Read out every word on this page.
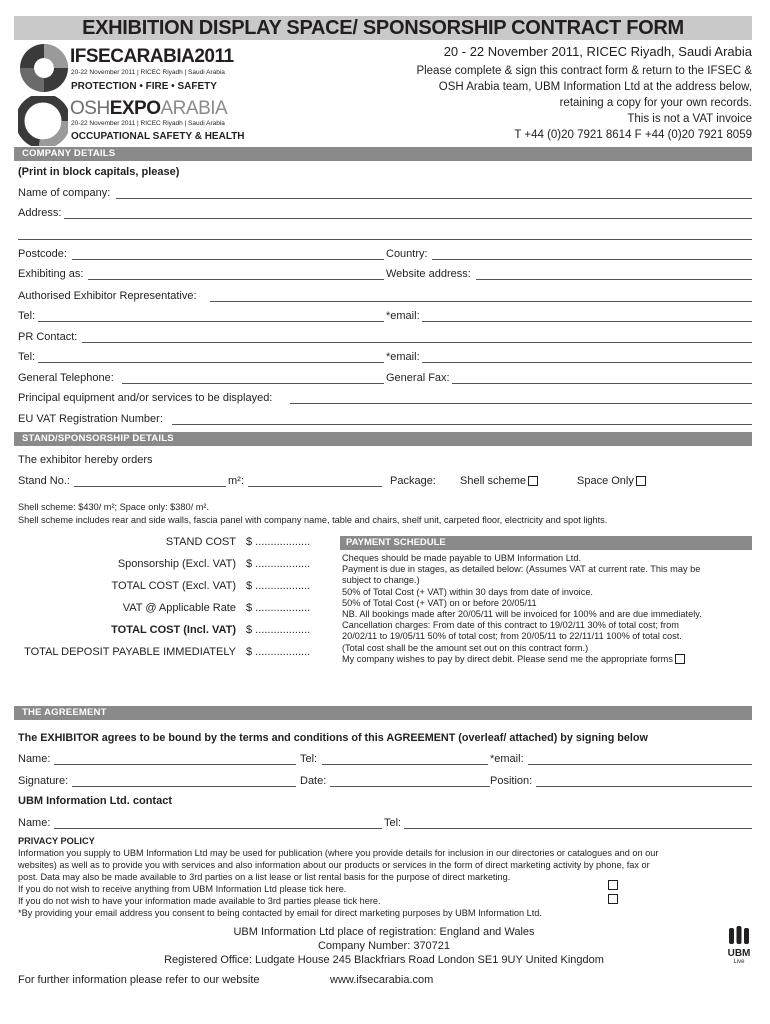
EXHIBITION DISPLAY SPACE/ SPONSORSHIP CONTRACT FORM
IFSECARABIA2011
20-22 November 2011 | RICEC Riyadh | Saudi Arabia
PROTECTION • FIRE • SAFETY
OSHEXPOARABIA
20-22 November 2011 | RICEC Riyadh | Saudi Arabia
OCCUPATIONAL SAFETY & HEALTH
20 - 22 November 2011, RICEC Riyadh, Saudi Arabia
Please complete & sign this contract form & return to the IFSEC &
OSH Arabia team, UBM Information Ltd at the address below,
retaining a copy for your own records.
This is not a VAT invoice
T +44 (0)20 7921 8614 F +44 (0)20 7921 8059
COMPANY DETAILS
(Print in block capitals, please)
Name of company:
Address:
Postcode:	Country:
Exhibiting as:	Website address:
Authorised Exhibitor Representative:
Tel:	*email:
PR Contact:
Tel:	*email:
General Telephone:	General Fax:
Principal equipment and/or services to be displayed:
EU VAT Registration Number:
STAND/SPONSORSHIP DETAILS
The exhibitor hereby orders
Stand No.:	m²:	Package: Shell scheme	Space Only
Shell scheme: $430/ m²; Space only: $380/ m².
Shell scheme includes rear and side walls, fascia panel with company name, table and chairs, shelf unit, carpeted floor, electricity and spot lights.
STAND COST $ ..................
Sponsorship (Excl. VAT) $ ..................
TOTAL COST (Excl. VAT) $ ..................
VAT @ Applicable Rate $ ..................
TOTAL COST (Incl. VAT) $ ..................
TOTAL DEPOSIT PAYABLE IMMEDIATELY $ ..................
PAYMENT SCHEDULE
Cheques should be made payable to UBM Information Ltd.
Payment is due in stages, as detailed below: (Assumes VAT at current rate. This may be
subject to change.)
50% of Total Cost (+ VAT) within 30 days from date of invoice.
50% of Total Cost (+ VAT) on or before 20/05/11
NB. All bookings made after 20/05/11 will be invoiced for 100% and are due immediately.
Cancellation charges: From date of this contract to 19/02/11 30% of total cost; from
20/02/11 to 19/05/11 50% of total cost; from 20/05/11 to 22/11/11 100% of total cost.
(Total cost shall be the amount set out on this contract form.)
My company wishes to pay by direct debit. Please send me the appropriate forms
THE AGREEMENT
The EXHIBITOR agrees to be bound by the terms and conditions of this AGREEMENT (overleaf/ attached) by signing below
Name:	Tel:	*email:
Signature:	Date:	Position:
UBM Information Ltd. contact
Name:	Tel:
PRIVACY POLICY
Information you supply to UBM Information Ltd may be used for publication (where you provide details for inclusion in our directories or catalogues and on our
websites) as well as to provide you with services and also information about our products or services in the form of direct marketing activity by phone, fax or
post. Data may also be made available to 3rd parties on a list lease or list rental basis for the purpose of direct marketing.
If you do not wish to receive anything from UBM Information Ltd please tick here.
If you do not wish to have your information made available to 3rd parties please tick here.
*By providing your email address you consent to being contacted by email for direct marketing purposes by UBM Information Ltd.
UBM Information Ltd place of registration: England and Wales
Company Number: 370721
Registered Office: Ludgate House 245 Blackfriars Road London SE1 9UY United Kingdom
For further information please refer to our website	www.ifsecarabia.com
UBM
Live
